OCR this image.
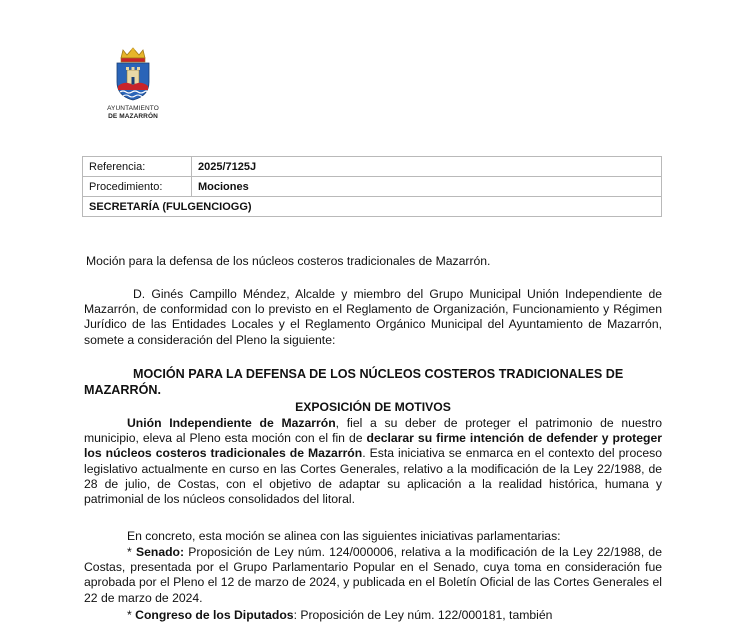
AYUNTAMIENTO
DE MAZARRÓN
Referencia:	2025/7125J
Procedimiento:	Mociones
SECRETARÍA (FULGENCIOGG)	
Moción para la defensa de los núcleos costeros tradicionales de Mazarrón.
D. Ginés Campillo Méndez, Alcalde y miembro del Grupo Municipal Unión Independiente de Mazarrón, de conformidad con lo previsto en el Reglamento de Organización, Funcionamiento y Régimen Jurídico de las Entidades Locales y el Reglamento Orgánico Municipal del Ayuntamiento de Mazarrón, somete a consideración del Pleno la siguiente:
MOCIÓN PARA LA DEFENSA DE LOS NÚCLEOS COSTEROS TRADICIONALES DE MAZARRÓN.
EXPOSICIÓN DE MOTIVOS
Unión Independiente de Mazarrón, fiel a su deber de proteger el patrimonio de nuestro municipio, eleva al Pleno esta moción con el fin de declarar su firme intención de defender y proteger los núcleos costeros tradicionales de Mazarrón. Esta iniciativa se enmarca en el contexto del proceso legislativo actualmente en curso en las Cortes Generales, relativo a la modificación de la Ley 22/1988, de 28 de julio, de Costas, con el objetivo de adaptar su aplicación a la realidad histórica, humana y patrimonial de los núcleos consolidados del litoral.
En concreto, esta moción se alinea con las siguientes iniciativas parlamentarias:
* Senado: Proposición de Ley núm. 124/000006, relativa a la modificación de la Ley 22/1988, de Costas, presentada por el Grupo Parlamentario Popular en el Senado, cuya toma en consideración fue aprobada por el Pleno el 12 de marzo de 2024, y publicada en el Boletín Oficial de las Cortes Generales el 22 de marzo de 2024.
* Congreso de los Diputados: Proposición de Ley núm. 122/000181, también
